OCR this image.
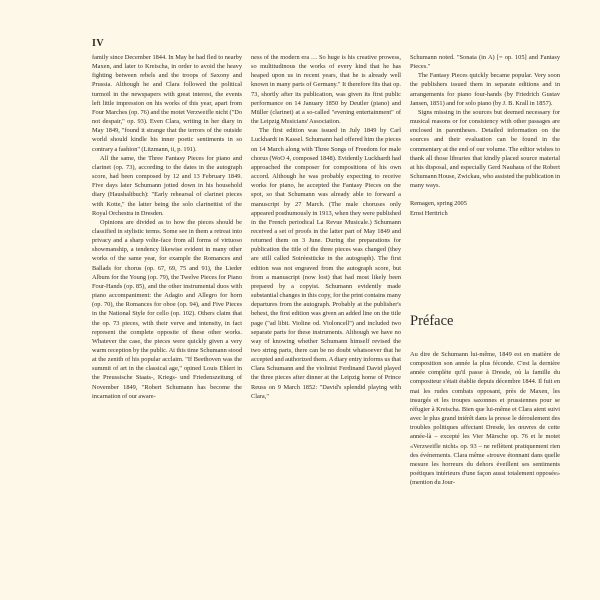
IV

family since December 1844. In May he had fled to nearby Maxen, and later to Kreischa, in order to avoid the heavy fighting between rebels and the troops of Saxony and Prussia. Although he and Clara followed the political turmoil in the newspapers with great interest, the events left little impression on his works of this year, apart from Four Marches (op. 76) and the motet Verzweifle nicht ("Do not despair," op. 93). Even Clara, writing in her diary in May 1849, "found it strange that the terrors of the outside world should kindle his inner poetic sentiments in so contrary a fashion" (Litzmann, ii, p. 191).

All the same, the Three Fantasy Pieces for piano and clarinet (op. 73), according to the dates in the autograph score, had been composed by 12 and 13 February 1849. Five days later Schumann jotted down in his household diary (Haushaltbuch): "Early rehearsal of clarinet pieces with Kotte," the latter being the solo clarinettist of the Royal Orchestra in Dresden.

Opinions are divided as to how the pieces should be classified in stylistic terms. Some see in them a retreat into privacy and a sharp volte-face from all forms of virtuoso showmanship, a tendency likewise evident in many other works of the same year, for example the Romances and Ballads for chorus (op. 67, 69, 75 and 91), the Lieder Album for the Young (op. 79), the Twelve Pieces for Piano Four-Hands (op. 85), and the other instrumental duos with piano accompaniment: the Adagio and Allegro for horn (op. 70), the Romances for oboe (op. 94), and Five Pieces in the National Style for cello (op. 102). Others claim that the op. 73 pieces, with their verve and intensity, in fact represent the complete opposite of these other works. Whatever the case, the pieces were quickly given a very warm reception by the public. At this time Schumann stood at the zenith of his popular acclaim. "If Beethoven was the summit of art in the classical age," opined Louis Ehlert in the Preussische Staats-, Kriegs- und Friedenszeitung of November 1849, "Robert Schumann has become the incarnation of our aware-

ness of the modern era … So huge is his creative prowess, so multitudinous the works of every kind that he has heaped upon us in recent years, that he is already well known in many parts of Germany." It therefore fits that op. 73, shortly after its publication, was given its first public performance on 14 January 1850 by Deutler (piano) and Müller (clarinet) at a so-called "evening entertainment" of the Leipzig Musicians' Association.

The first edition was issued in July 1849 by Carl Luckhardt in Kassel. Schumann had offered him the pieces on 14 March along with Three Songs of Freedom for male chorus (WoO 4, composed 1848). Evidently Luckhardt had approached the composer for compositions of his own accord. Although he was probably expecting to receive works for piano, he accepted the Fantasy Pieces on the spot, so that Schumann was already able to forward a manuscript by 27 March. (The male choruses only appeared posthumously in 1913, when they were published in the French periodical La Revue Musicale.) Schumann received a set of proofs in the latter part of May 1849 and returned them on 3 June. During the preparations for publication the title of the three pieces was changed (they are still called Soiréestücke in the autograph). The first edition was not engraved from the autograph score, but from a manuscript (now lost) that had most likely been prepared by a copyist. Schumann evidently made substantial changes in this copy, for the print contains many departures from the autograph. Probably at the publisher's behest, the first edition was given an added line on the title page ("ad libit. Violine od. Violoncell") and included two separate parts for these instruments. Although we have no way of knowing whether Schumann himself revised the two string parts, there can be no doubt whatsoever that he accepted and authorized them. A diary entry informs us that Clara Schumann and the violinist Ferdinand David played the three pieces after dinner at the Leipzig home of Prince Reuss on 9 March 1852: "David's splendid playing with Clara,"

Schumann noted. "Sonata (in A) [= op. 105] and Fantasy Pieces."

The Fantasy Pieces quickly became popular. Very soon the publishers issued them in separate editions and in arrangements for piano four-hands (by Friedrich Gustav Jansen, 1851) and for solo piano (by J. B. Krall in 1857).

Signs missing in the sources but deemed necessary for musical reasons or for consistency with other passages are enclosed in parentheses. Detailed information on the sources and their evaluation can be found in the commentary at the end of our volume. The editor wishes to thank all those libraries that kindly placed source material at his disposal, and especially Gerd Nauhaus of the Robert Schumann House, Zwickau, who assisted the publication in many ways.

Remagen, spring 2005

Ernst Herttrich

Préface

Au dire de Schumann lui-même, 1849 est en matière de composition son année la plus féconde. C'est la dernière année complète qu'il passe à Dresde, où la famille du compositeur s'était établie depuis décembre 1844. Il fuit en mai les rudes combats opposant, près de Maxen, les insurgés et les troupes saxonnes et prussiennes pour se réfugier à Kreischa. Bien que lui-même et Clara aient suivi avec le plus grand intérêt dans la presse le déroulement des troubles politiques affectant Dresde, les œuvres de cette année-là – excepté les Vier Märsche op. 76 et le motet «Verzweifle nicht» op. 93 – ne reflètent pratiquement rien des événements. Clara même «trouve étonnant dans quelle mesure les horreurs du dehors éveillent ses sentiments poétiques intérieurs d'une façon aussi totalement opposée» (mention du Jour-
